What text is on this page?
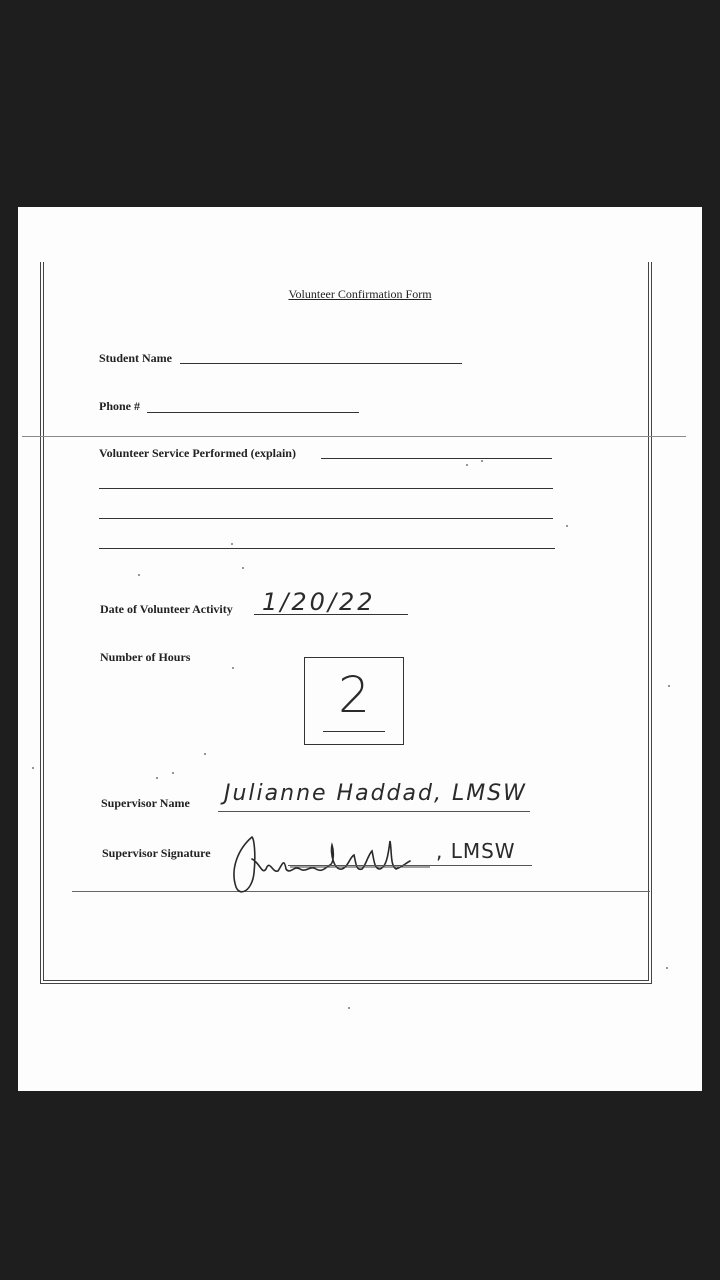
Volunteer Confirmation Form
Student Name
Phone #
Volunteer Service Performed (explain)
Date of Volunteer Activity 1/20/22
Number of Hours
2
Supervisor Name Julianne Haddad, LMSW
Supervisor Signature	, LMSW
